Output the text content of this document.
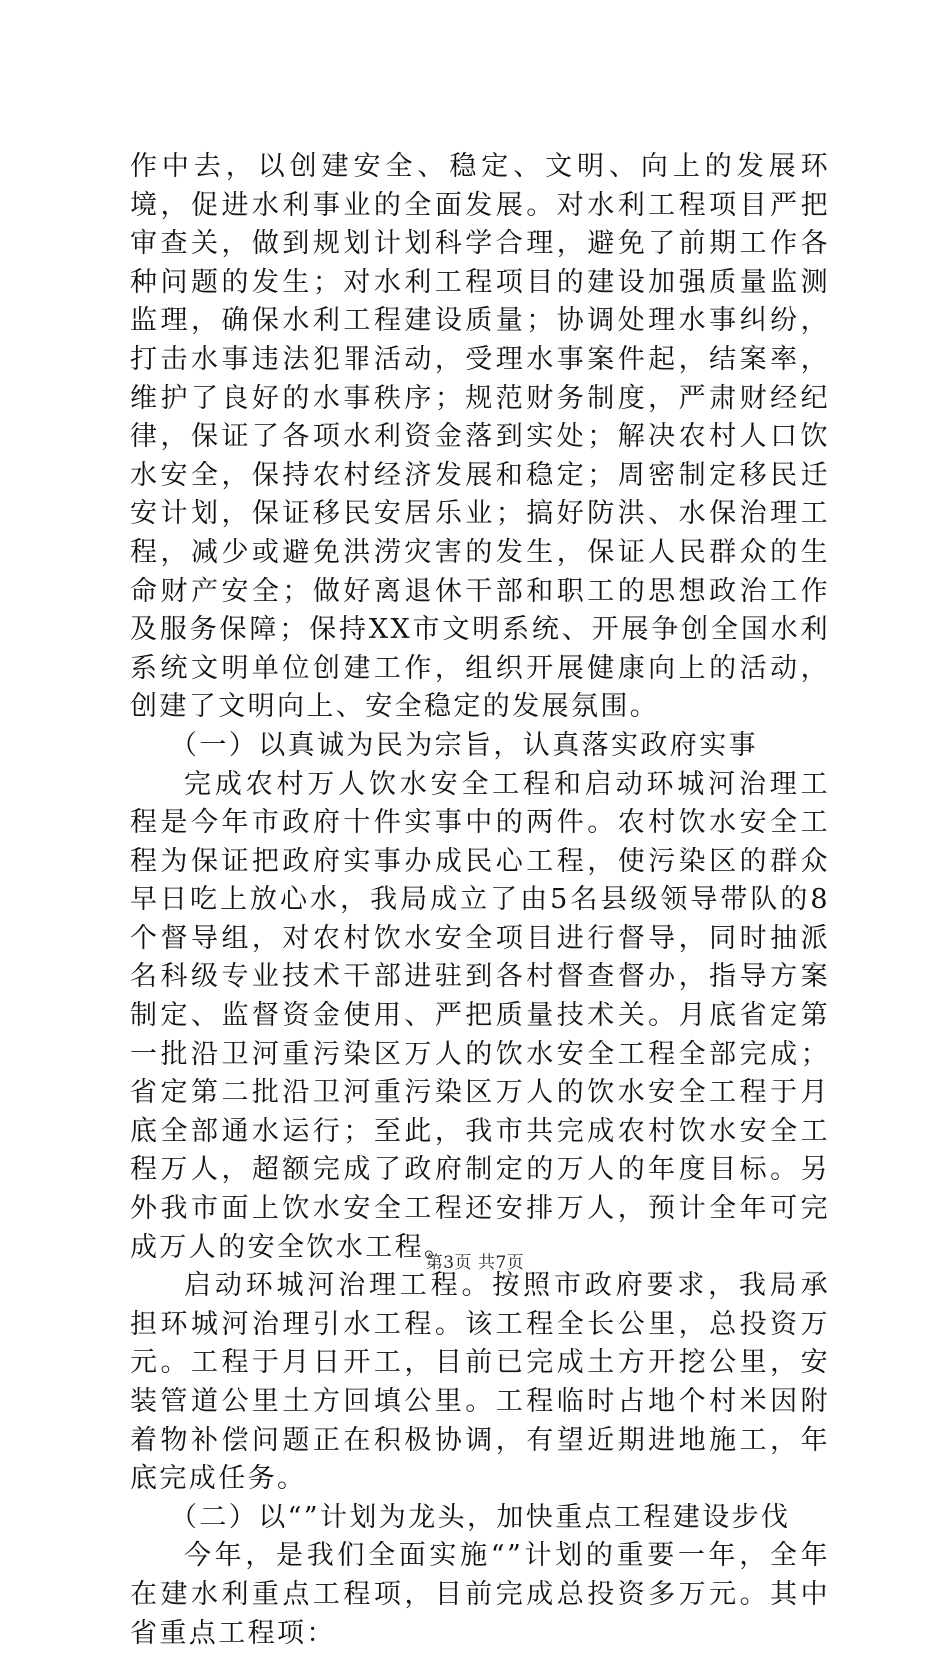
作中去，以创建安全、稳定、文明、向上的发展环境，促进水利事业的全面发展。对水利工程项目严把审查关，做到规划计划科学合理，避免了前期工作各种问题的发生；对水利工程项目的建设加强质量监测监理，确保水利工程建设质量；协调处理水事纠纷，打击水事违法犯罪活动，受理水事案件起，结案率，维护了良好的水事秩序；规范财务制度，严肃财经纪律，保证了各项水利资金落到实处；解决农村人口饮水安全，保持农村经济发展和稳定；周密制定移民迁安计划，保证移民安居乐业；搞好防洪、水保治理工程，减少或避免洪涝灾害的发生，保证人民群众的生命财产安全；做好离退休干部和职工的思想政治工作及服务保障；保持XX市文明系统、开展争创全国水利系统文明单位创建工作，组织开展健康向上的活动，创建了文明向上、安全稳定的发展氛围。

（一）以真诚为民为宗旨，认真落实政府实事

完成农村万人饮水安全工程和启动环城河治理工程是今年市政府十件实事中的两件。农村饮水安全工程为保证把政府实事办成民心工程，使污染区的群众早日吃上放心水，我局成立了由5名县级领导带队的8个督导组，对农村饮水安全项目进行督导，同时抽派名科级专业技术干部进驻到各村督查督办，指导方案制定、监督资金使用、严把质量技术关。月底省定第一批沿卫河重污染区万人的饮水安全工程全部完成；省定第二批沿卫河重污染区万人的饮水安全工程于月底全部通水运行；至此，我市共完成农村饮水安全工程万人，超额完成了政府制定的万人的年度目标。另外我市面上饮水安全工程还安排万人，预计全年可完成万人的安全饮水工程。

启动环城河治理工程。按照市政府要求，我局承担环城河治理引水工程。该工程全长公里，总投资万元。工程于月日开工，目前已完成土方开挖公里，安装管道公里土方回填公里。工程临时占地个村米因附着物补偿问题正在积极协调，有望近期进地施工，年底完成任务。

（二）以“”计划为龙头，加快重点工程建设步伐

今年，是我们全面实施“”计划的重要一年，全年在建水利重点工程项，目前完成总投资多万元。其中省重点工程项：

第3页 共7页
